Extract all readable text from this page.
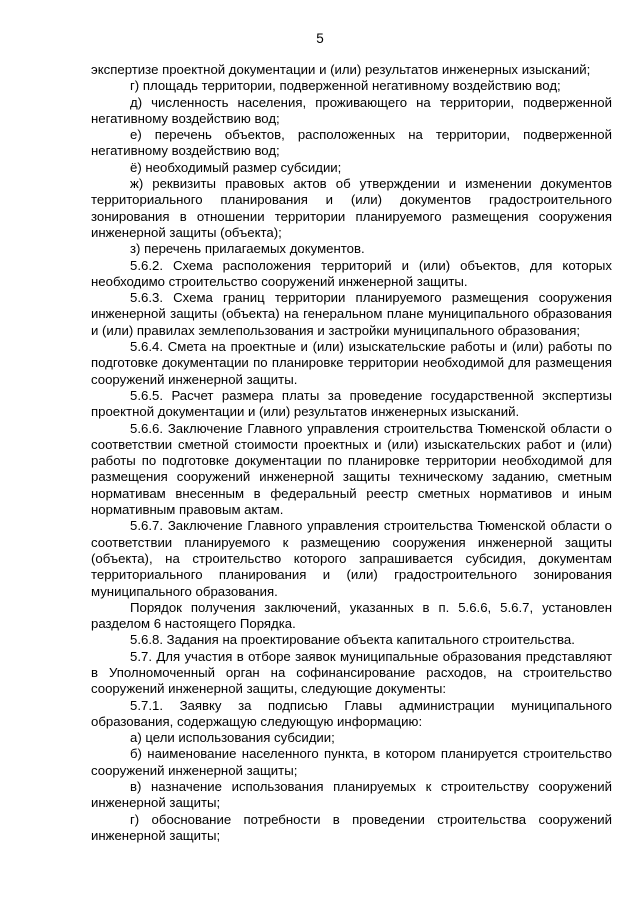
5

экспертизе проектной документации и (или) результатов инженерных изысканий;

г) площадь территории, подверженной негативному воздействию вод;

д) численность населения, проживающего на территории, подверженной негативному воздействию вод;

е) перечень объектов, расположенных на территории, подверженной негативному воздействию вод;

ё) необходимый размер субсидии;

ж) реквизиты правовых актов об утверждении и изменении документов территориального планирования и (или) документов градостроительного зонирования в отношении территории планируемого размещения сооружения инженерной защиты (объекта);

з) перечень прилагаемых документов.

5.6.2. Схема расположения территорий и (или) объектов, для которых необходимо строительство сооружений инженерной защиты.

5.6.3. Схема границ территории планируемого размещения сооружения инженерной защиты (объекта) на генеральном плане муниципального образования и (или) правилах землепользования и застройки муниципального образования;

5.6.4. Смета на проектные и (или) изыскательские работы и (или) работы по подготовке документации по планировке территории необходимой для размещения сооружений инженерной защиты.

5.6.5. Расчет размера платы за проведение государственной экспертизы проектной документации и (или) результатов инженерных изысканий.

5.6.6. Заключение Главного управления строительства Тюменской области о соответствии сметной стоимости проектных и (или) изыскательских работ и (или) работы по подготовке документации по планировке территории необходимой для размещения сооружений инженерной защиты техническому заданию, сметным нормативам внесенным в федеральный реестр сметных нормативов и иным нормативным правовым актам.

5.6.7. Заключение Главного управления строительства Тюменской области о соответствии планируемого к размещению сооружения инженерной защиты (объекта), на строительство которого запрашивается субсидия, документам территориального планирования и (или) градостроительного зонирования муниципального образования.

Порядок получения заключений, указанных в п. 5.6.6, 5.6.7, установлен разделом 6 настоящего Порядка.

5.6.8. Задания на проектирование объекта капитального строительства.

5.7. Для участия в отборе заявок муниципальные образования представляют в Уполномоченный орган на софинансирование расходов, на строительство сооружений инженерной защиты, следующие документы:

5.7.1. Заявку за подписью Главы администрации муниципального образования, содержащую следующую информацию:

а) цели использования субсидии;

б) наименование населенного пункта, в котором планируется строительство сооружений инженерной защиты;

в) назначение использования планируемых к строительству сооружений инженерной защиты;

г) обоснование потребности в проведении строительства сооружений инженерной защиты;
